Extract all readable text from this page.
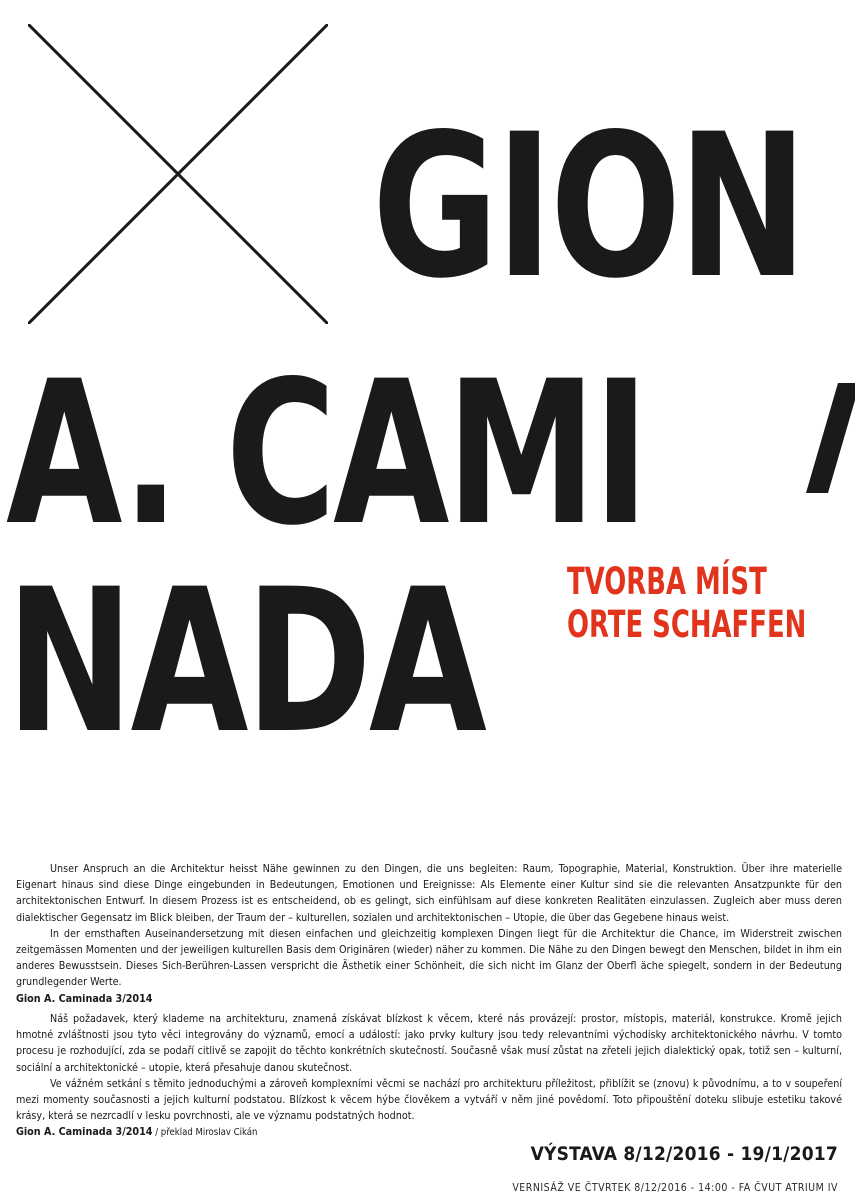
GION
A. CAMI
NADA TVORBA MÍST
ORTE SCHAFFEN

Unser Anspruch an die Architektur heisst Nähe gewinnen zu den Dingen, die uns begleiten: Raum, Topographie, Material, Konstruktion. Über ihre materielle Eigenart hinaus sind diese Dinge eingebunden in Bedeutungen, Emotionen und Ereignisse: Als Elemente einer Kultur sind sie die relevanten Ansatzpunkte für den architektonischen Entwurf. In diesem Prozess ist es entscheidend, ob es gelingt, sich einfühlsam auf diese konkreten Realitäten einzulassen. Zugleich aber muss deren dialektischer Gegensatz im Blick bleiben, der Traum der – kulturellen, sozialen und architektonischen – Utopie, die über das Gegebene hinaus weist.

In der ernsthaften Auseinandersetzung mit diesen einfachen und gleichzeitig komplexen Dingen liegt für die Architektur die Chance, im Widerstreit zwischen zeitgemässen Momenten und der jeweiligen kulturellen Basis dem Originären (wieder) näher zu kommen. Die Nähe zu den Dingen bewegt den Menschen, bildet in ihm ein anderes Bewusstsein. Dieses Sich-Berühren-Lassen verspricht die Ästhetik einer Schönheit, die sich nicht im Glanz der Oberfl äche spiegelt, sondern in der Bedeutung grundlegender Werte.

Gion A. Caminada 3/2014

Náš požadavek, který klademe na architekturu, znamená získávat blízkost k věcem, které nás provázejí: prostor, místopis, materiál, konstrukce. Kromě jejich hmotné zvláštnosti jsou tyto věci integrovány do významů, emocí a událostí: jako prvky kultury jsou tedy relevantními východisky architektonického návrhu. V tomto procesu je rozhodující, zda se podaří citlivě se zapojit do těchto konkrétních skutečností. Současně však musí zůstat na zřeteli jejich dialektický opak, totiž sen – kulturní, sociální a architektonické – utopie, která přesahuje danou skutečnost.

Ve vážném setkání s těmito jednoduchými a zároveň komplexními věcmi se nachází pro architekturu příležitost, přiblížit se (znovu) k původnímu, a to v soupeření mezi momenty současnosti a jejich kulturní podstatou. Blízkost k věcem hýbe člověkem a vytváří v něm jiné povědomí. Toto připouštění doteku slibuje estetiku takové krásy, která se nezrcadlí v lesku povrchnosti, ale ve významu podstatných hodnot.

Gion A. Caminada 3/2014 / překlad Miroslav Cikán

VÝSTAVA 8/12/2016 - 19/1/2017

VERNISÁŽ VE ČTVRTEK 8/12/2016 - 14:00 - FA ČVUT ATRIUM IV
